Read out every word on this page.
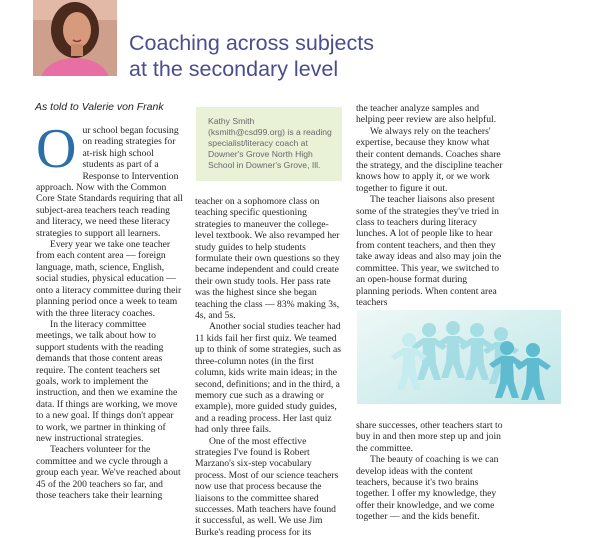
Coaching across subjects
at the secondary level
As told to Valerie von Frank

Our school began focusing on reading strategies for at-risk high school students as part of a Response to Intervention approach. Now with the Common Core State Standards requiring that all subject-area teachers teach reading and literacy, we need these literacy strategies to support all learners.

Every year we take one teacher from each content area — foreign language, math, science, English, social studies, physical education — onto a literacy committee during their planning period once a week to team with the three literacy coaches.

In the literacy committee meetings, we talk about how to support students with the reading demands that those content areas require. The content teachers set goals, work to implement the instruction, and then we examine the data. If things are working, we move to a new goal. If things don't appear to work, we partner in thinking of new instructional strategies.

Teachers volunteer for the committee and we cycle through a group each year. We've reached about 45 of the 200 teachers so far, and those teachers take their learning

Kathy Smith (ksmith@csd99.org) is a reading specialist/literacy coach at Downer's Grove North High School in Downer's Grove, Ill.

teacher on a sophomore class on teaching specific questioning strategies to maneuver the college-level textbook. We also revamped her study guides to help students formulate their own questions so they became independent and could create their own study tools. Her pass rate was the highest since she began teaching the class — 83% making 3s, 4s, and 5s.

Another social studies teacher had 11 kids fail her first quiz. We teamed up to think of some strategies, such as three-column notes (in the first column, kids write main ideas; in the second, definitions; and in the third, a memory cue such as a drawing or example), more guided study guides, and a reading process. Her last quiz had only three fails.

One of the most effective strategies I've found is Robert Marzano's six-step vocabulary process. Most of our science teachers now use that process because the liaisons to the committee shared successes. Math teachers have found it successful, as well. We use Jim Burke's reading process for its

the teacher analyze samples and helping peer review are also helpful.

We always rely on the teachers' expertise, because they know what their content demands. Coaches share the strategy, and the discipline teacher knows how to apply it, or we work together to figure it out.

The teacher liaisons also present some of the strategies they've tried in class to teachers during literacy lunches. A lot of people like to hear from content teachers, and then they take away ideas and also may join the committee. This year, we switched to an open-house format during planning periods. When content area teachers

share successes, other teachers start to buy in and then more step up and join the committee.

The beauty of coaching is we can develop ideas with the content teachers, because it's two brains together. I offer my knowledge, they offer their knowledge, and we come together — and the kids benefit.
